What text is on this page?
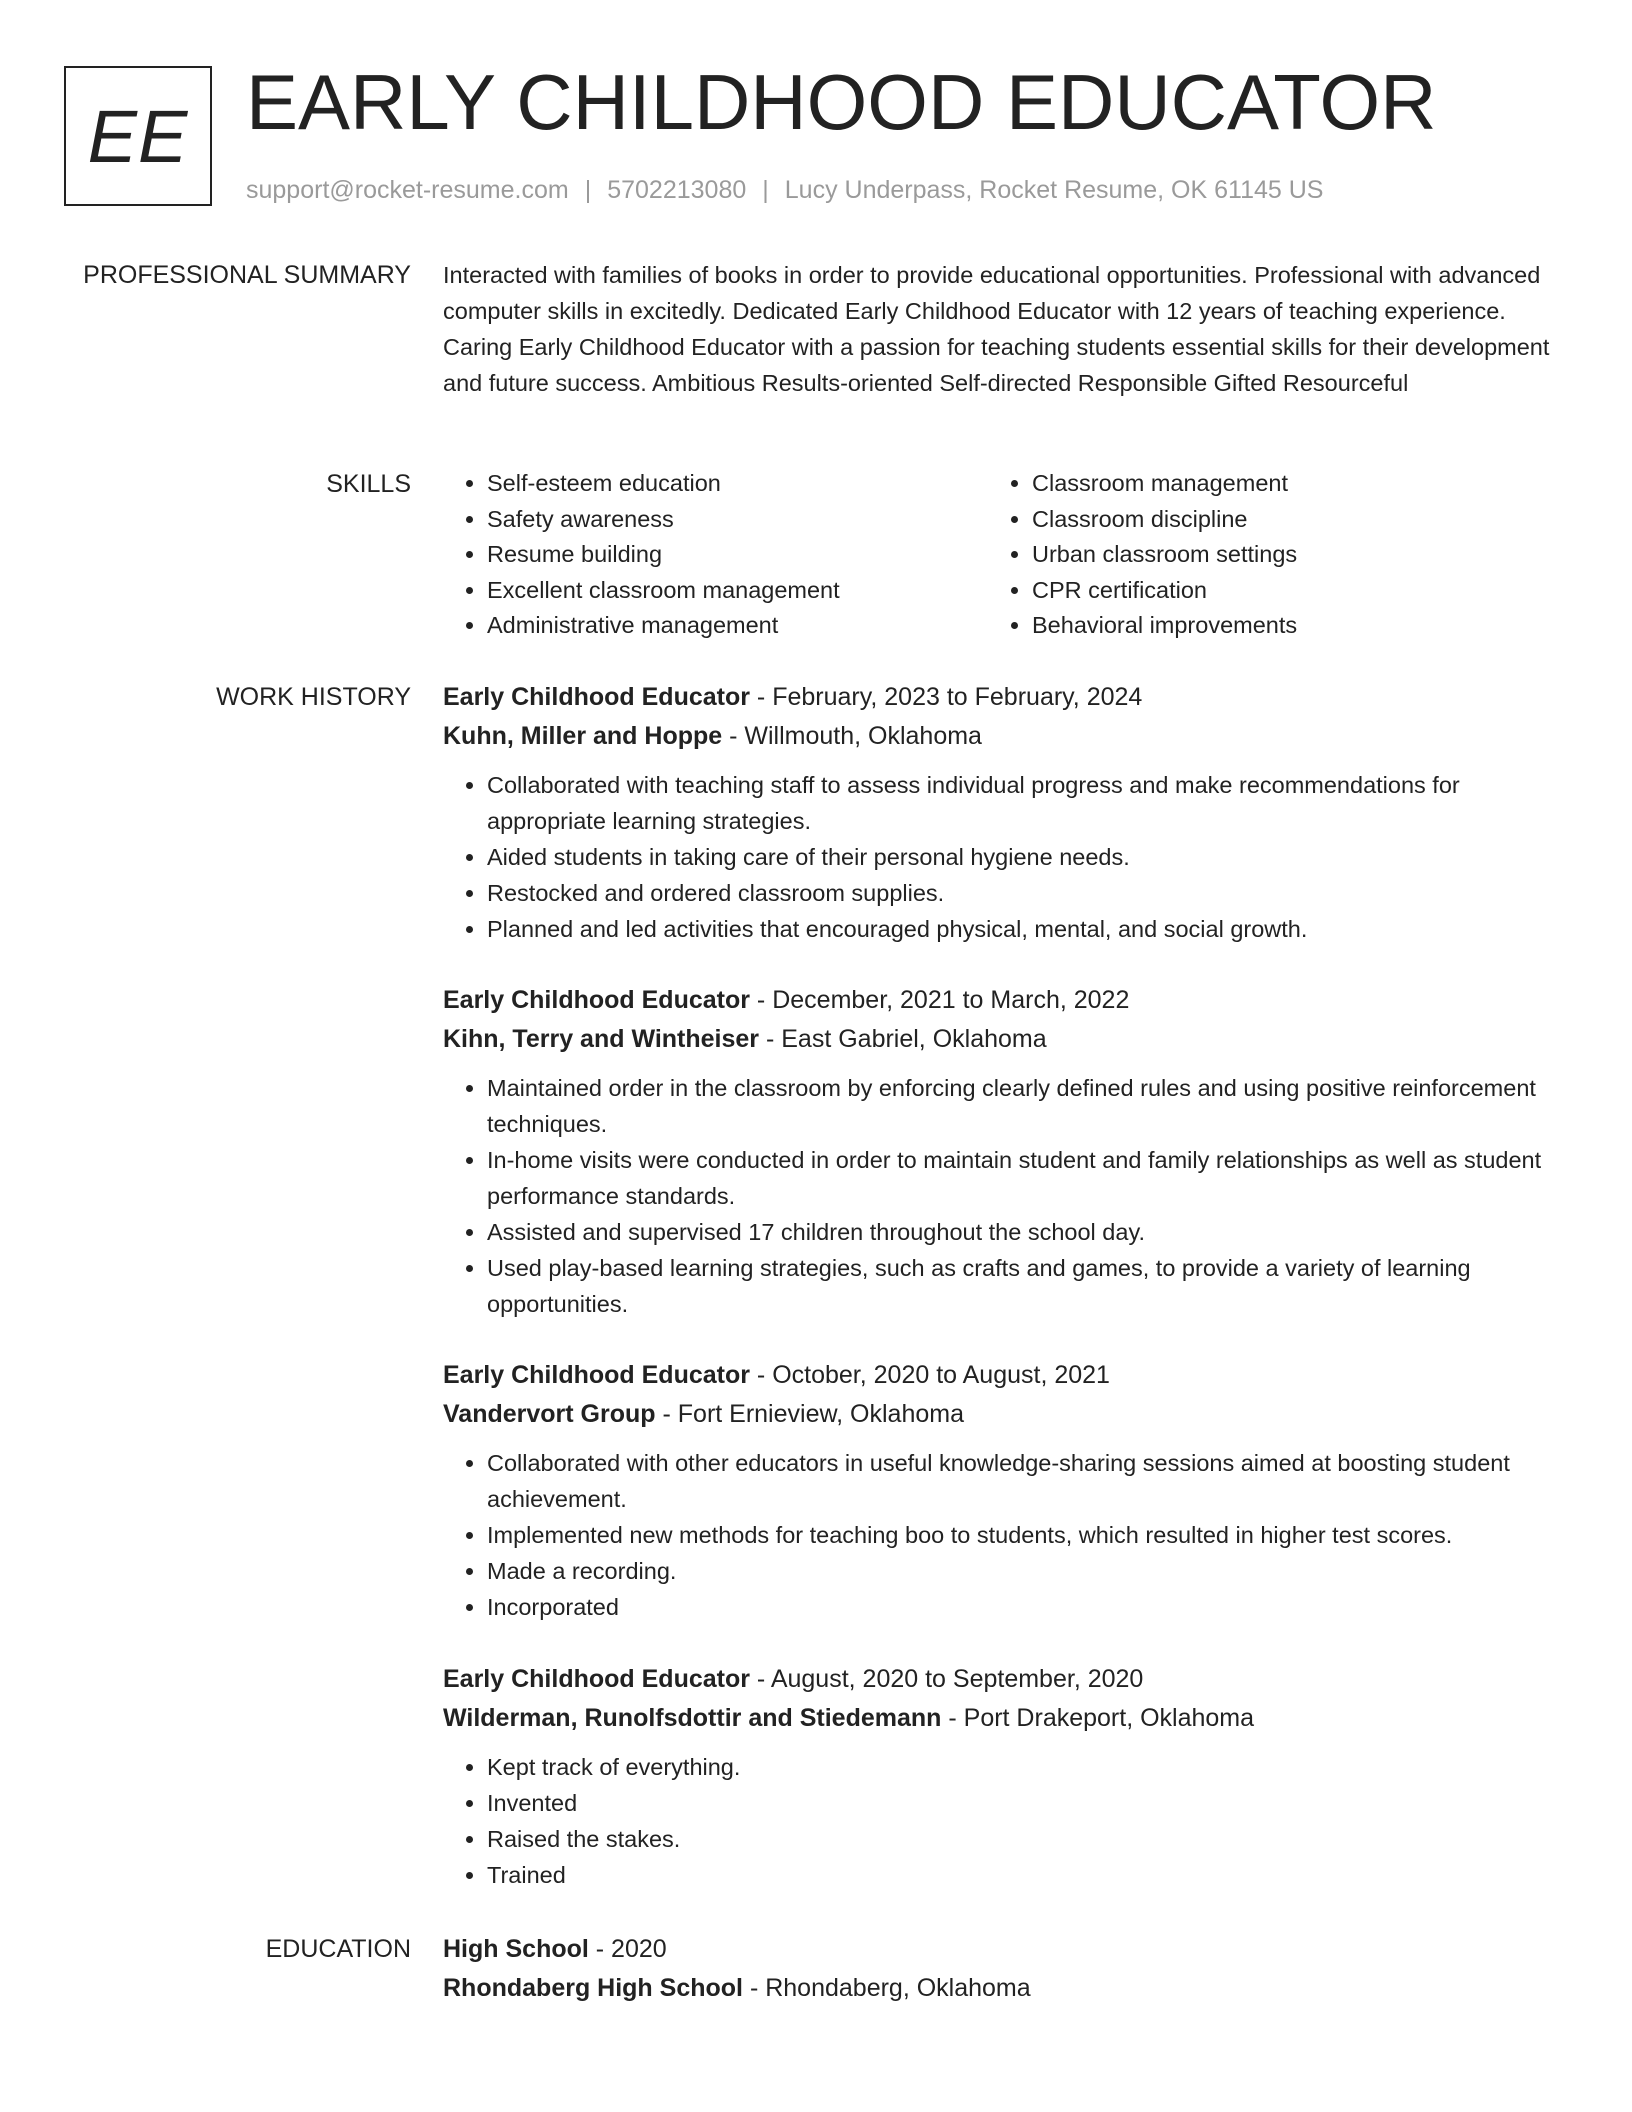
EE EARLY CHILDHOOD EDUCATOR
support@rocket-resume.com | 5702213080 | Lucy Underpass, Rocket Resume, OK 61145 US
PROFESSIONAL SUMMARY Interacted with families of books in order to provide educational opportunities. Professional with advanced computer skills in excitedly. Dedicated Early Childhood Educator with 12 years of teaching experience. Caring Early Childhood Educator with a passion for teaching students essential skills for their development and future success. Ambitious Results-oriented Self-directed Responsible Gifted Resourceful

SKILLS
•	Self-esteem education
• Safety awareness
• Resume building
• Excellent classroom management
• Administrative management
• Classroom management
• Classroom discipline
• Urban classroom settings
• CPR certification
• Behavioral improvements
WORK HISTORY Early Childhood Educator - February, 2023 to February, 2024
Kuhn, Miller and Hoppe - Willmouth, Oklahoma
• Collaborated with teaching staff to assess individual progress and make recommendations for appropriate learning strategies.
• Aided students in taking care of their personal hygiene needs.
• Restocked and ordered classroom supplies.
• Planned and led activities that encouraged physical, mental, and social growth.
Early Childhood Educator - December, 2021 to March, 2022
Kihn, Terry and Wintheiser - East Gabriel, Oklahoma
• Maintained order in the classroom by enforcing clearly defined rules and using positive reinforcement techniques.
• In-home visits were conducted in order to maintain student and family relationships as well as student performance standards.
• Assisted and supervised 17 children throughout the school day.
• Used play-based learning strategies, such as crafts and games, to provide a variety of learning opportunities.
Early Childhood Educator - October, 2020 to August, 2021
Vandervort Group - Fort Ernieview, Oklahoma
• Collaborated with other educators in useful knowledge-sharing sessions aimed at boosting student achievement.
• Implemented new methods for teaching boo to students, which resulted in higher test scores.
• Made a recording.
• Incorporated
Early Childhood Educator - August, 2020 to September, 2020
Wilderman, Runolfsdottir and Stiedemann - Port Drakeport, Oklahoma
• Kept track of everything.
• Invented
• Raised the stakes.
• Trained
EDUCATION High School - 2020
Rhondaberg High School - Rhondaberg, Oklahoma
